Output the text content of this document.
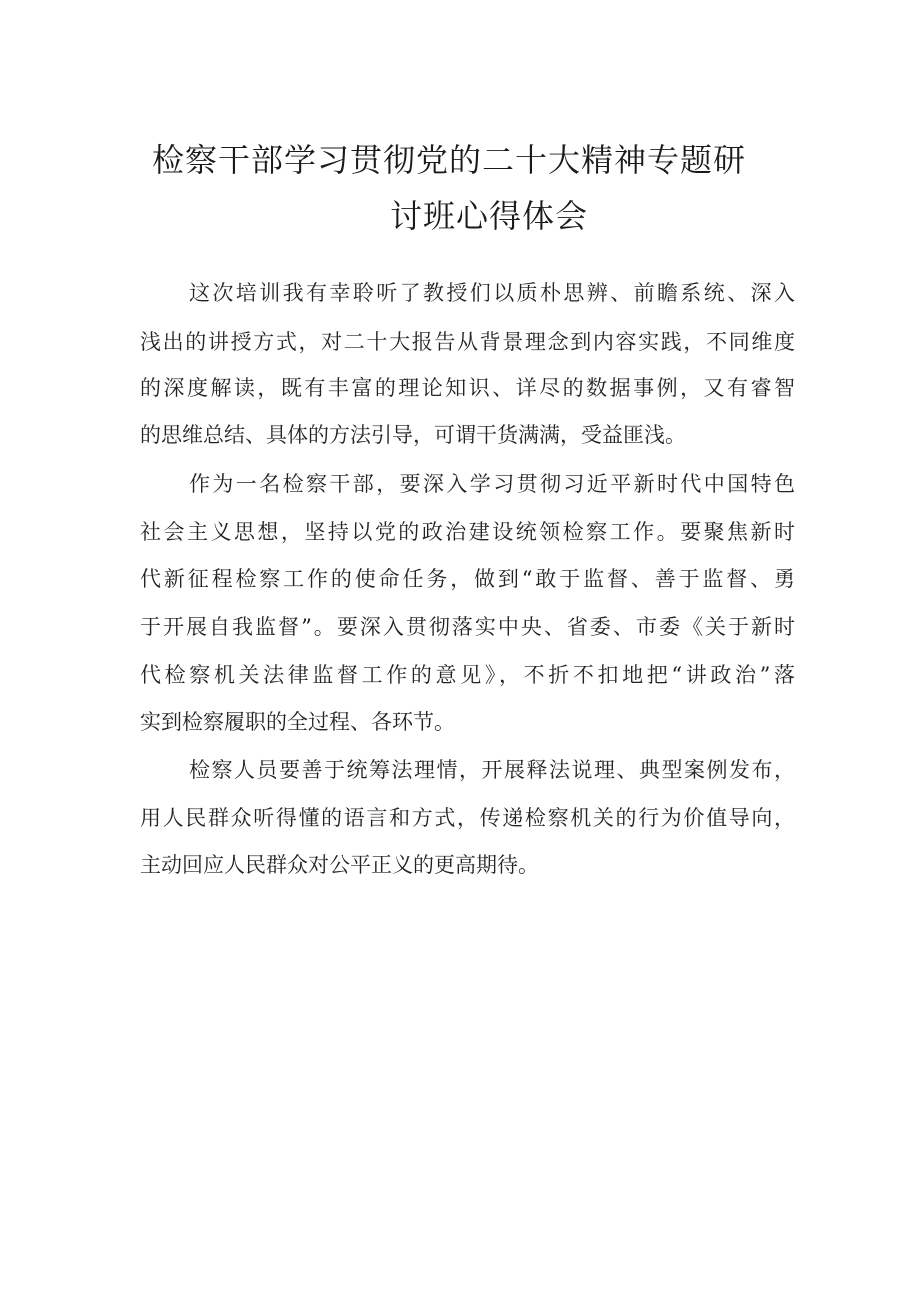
检察干部学习贯彻党的二十大精神专题研
讨班心得体会
这次培训我有幸聆听了教授们以质朴思辨、前瞻系统、深入
浅出的讲授方式，对二十大报告从背景理念到内容实践，不同维度
的深度解读，既有丰富的理论知识、详尽的数据事例，又有睿智
的思维总结、具体的方法引导，可谓干货满满，受益匪浅。
作为一名检察干部，要深入学习贯彻习近平新时代中国特色
社会主义思想，坚持以党的政治建设统领检察工作。要聚焦新时
代新征程检察工作的使命任务，做到“敢于监督、善于监督、勇
于开展自我监督”。要深入贯彻落实中央、省委、市委《关于新时
代检察机关法律监督工作的意见》，不折不扣地把“讲政治”落
实到检察履职的全过程、各环节。
检察人员要善于统筹法理情，开展释法说理、典型案例发布，
用人民群众听得懂的语言和方式，传递检察机关的行为价值导向，
主动回应人民群众对公平正义的更高期待。
